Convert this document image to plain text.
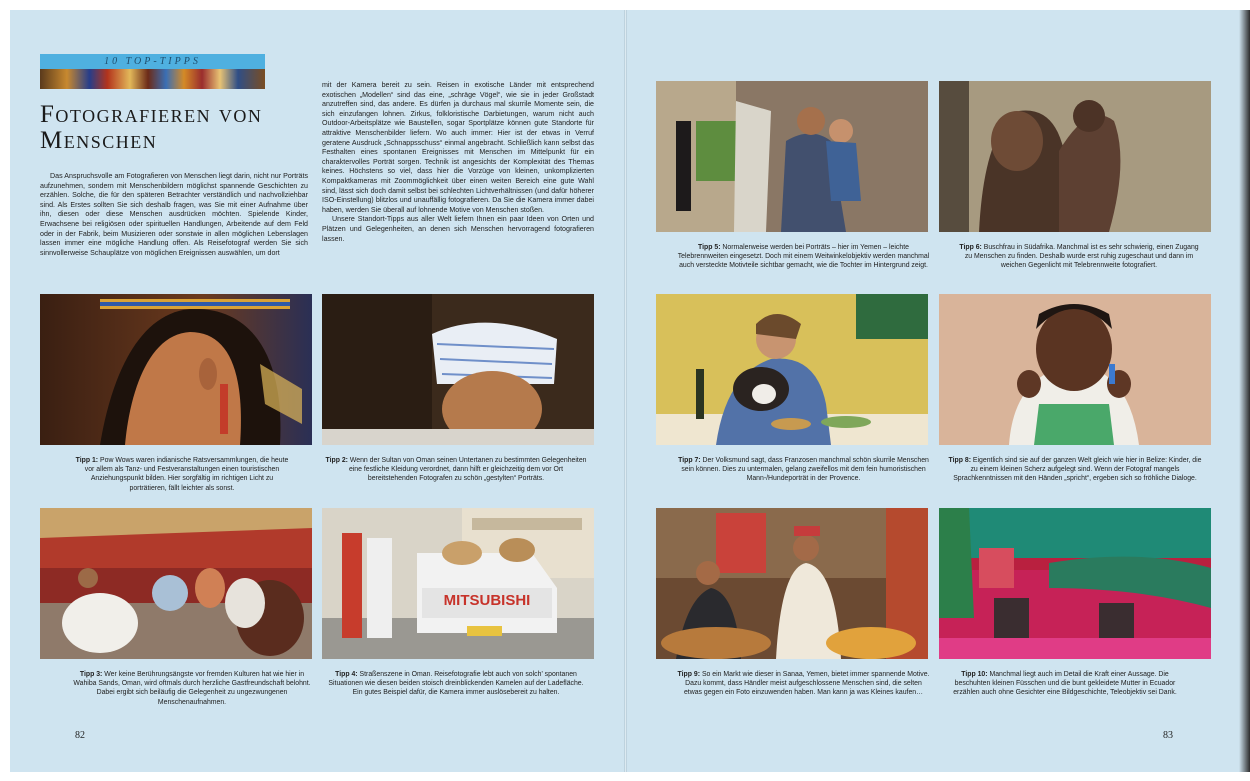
10 TOP-TIPPS
Fotografieren von
Menschen

Das Anspruchsvolle am Fotografieren von Menschen liegt darin, nicht nur Porträts aufzunehmen, sondern mit Menschenbildern möglichst spannende Geschichten zu erzählen. Solche, die für den späteren Betrachter verständlich und nachvollziehbar sind. Als Erstes sollten Sie sich deshalb fragen, was Sie mit einer Aufnahme über ihn, diesen oder diese Menschen ausdrücken möchten. Spielende Kinder, Erwachsene bei religiösen oder spirituellen Handlungen, Arbeitende auf dem Feld oder in der Fabrik, beim Musizieren oder sonstwie in allen möglichen Lebenslagen lassen immer eine mögliche Handlung offen. Als Reisefotograf werden Sie sich sinnvollerweise Schauplätze von möglichen Ereignissen auswählen, um dort

mit der Kamera bereit zu sein. Reisen in exotische Länder mit entsprechend exotischen „Modellen“ sind das eine, „schräge Vögel“, wie sie in jeder Großstadt anzutreffen sind, das andere. Es dürfen ja durchaus mal skurrile Momente sein, die sich einzufangen lohnen. Zirkus, folkloristische Darbietungen, warum nicht auch Outdoor-Arbeitsplätze wie Baustellen, sogar Sportplätze können gute Standorte für attraktive Menschenbilder liefern. Wo auch immer: Hier ist der etwas in Verruf geratene Ausdruck „Schnappsschuss“ einmal angebracht. Schließlich kann selbst das Festhalten eines spontanen Ereignisses mit Menschen im Mittelpunkt für ein charaktervolles Porträt sorgen. Technik ist angesichts der Komplexität des Themas keines. Höchstens so viel, dass hier die Vorzüge von kleinen, unkomplizierten Kompaktkameras mit Zoommöglichkeit über einen weiten Bereich eine gute Wahl sind, lässt sich doch damit selbst bei schlechten Lichtverhältnissen (und dafür höherer ISO-Einstellung) blitzlos und unauffällig fotografieren. Da Sie die Kamera immer dabei haben, werden Sie überall auf lohnende Motive von Menschen stoßen.

Unsere Standort-Tipps aus aller Welt liefern Ihnen ein paar Ideen von Orten und Plätzen und Gelegenheiten, an denen sich Menschen hervorragend fotografieren lassen.

Tipp 1: Pow Wows waren indianische Ratsversammlungen, die heute vor allem als Tanz- und Festveranstaltungen einen touristischen Anziehungspunkt bilden. Hier sorgfältig im richtigen Licht zu porträtieren, fällt leichter als sonst.
Tipp 2: Wenn der Sultan von Oman seinen Untertanen zu bestimmten Gelegenheiten eine festliche Kleidung verordnet, dann hilft er gleichzeitig dem vor Ort bereitstehenden Fotografen zu schön „gestylten“ Porträts.
Tipp 3: Wer keine Berührungsängste vor fremden Kulturen hat wie hier in Wahiba Sands, Oman, wird oftmals durch herzliche Gastfreundschaft belohnt. Dabei ergibt sich beiläufig die Gelegenheit zu ungezwungenen Menschenaufnahmen.
MITSUBISHI
Tipp 4: Straßenszene in Oman. Reisefotografie lebt auch von solch' spontanen Situationen wie diesen beiden stoisch dreinblickenden Kamelen auf der Ladefläche. Ein gutes Beispiel dafür, die Kamera immer auslösebereit zu halten.
Tipp 5: Normalerweise werden bei Porträts – hier im Yemen – leichte Telebrennweiten eingesetzt. Doch mit einem Weitwinkelobjektiv werden manchmal auch versteckte Motivteile sichtbar gemacht, wie die Tochter im Hintergrund zeigt.
Tipp 6: Buschfrau in Südafrika. Manchmal ist es sehr schwierig, einen Zugang zu Menschen zu finden. Deshalb wurde erst ruhig zugeschaut und dann im weichen Gegenlicht mit Telebrennweite fotografiert.
Tipp 7: Der Volksmund sagt, dass Franzosen manchmal schön skurrile Menschen sein können. Dies zu untermalen, gelang zweifellos mit dem fein humoristischen Mann-/Hundeporträt in der Provence.
Tipp 8: Eigentlich sind sie auf der ganzen Welt gleich wie hier in Belize: Kinder, die zu einem kleinen Scherz aufgelegt sind. Wenn der Fotograf mangels Sprachkenntnissen mit den Händen „spricht“, ergeben sich so fröhliche Dialoge.
Tipp 9: So ein Markt wie dieser in Sanaa, Yemen, bietet immer spannende Motive. Dazu kommt, dass Händler meist aufgeschlossene Menschen sind, die selten etwas gegen ein Foto einzuwenden haben. Man kann ja was Kleines kaufen…
Tipp 10: Manchmal liegt auch im Detail die Kraft einer Aussage. Die beschuhten kleinen Füsschen und die bunt gekleidete Mutter in Ecuador erzählen auch ohne Gesichter eine Bildgeschichte, Teleobjektiv sei Dank.
82	83
